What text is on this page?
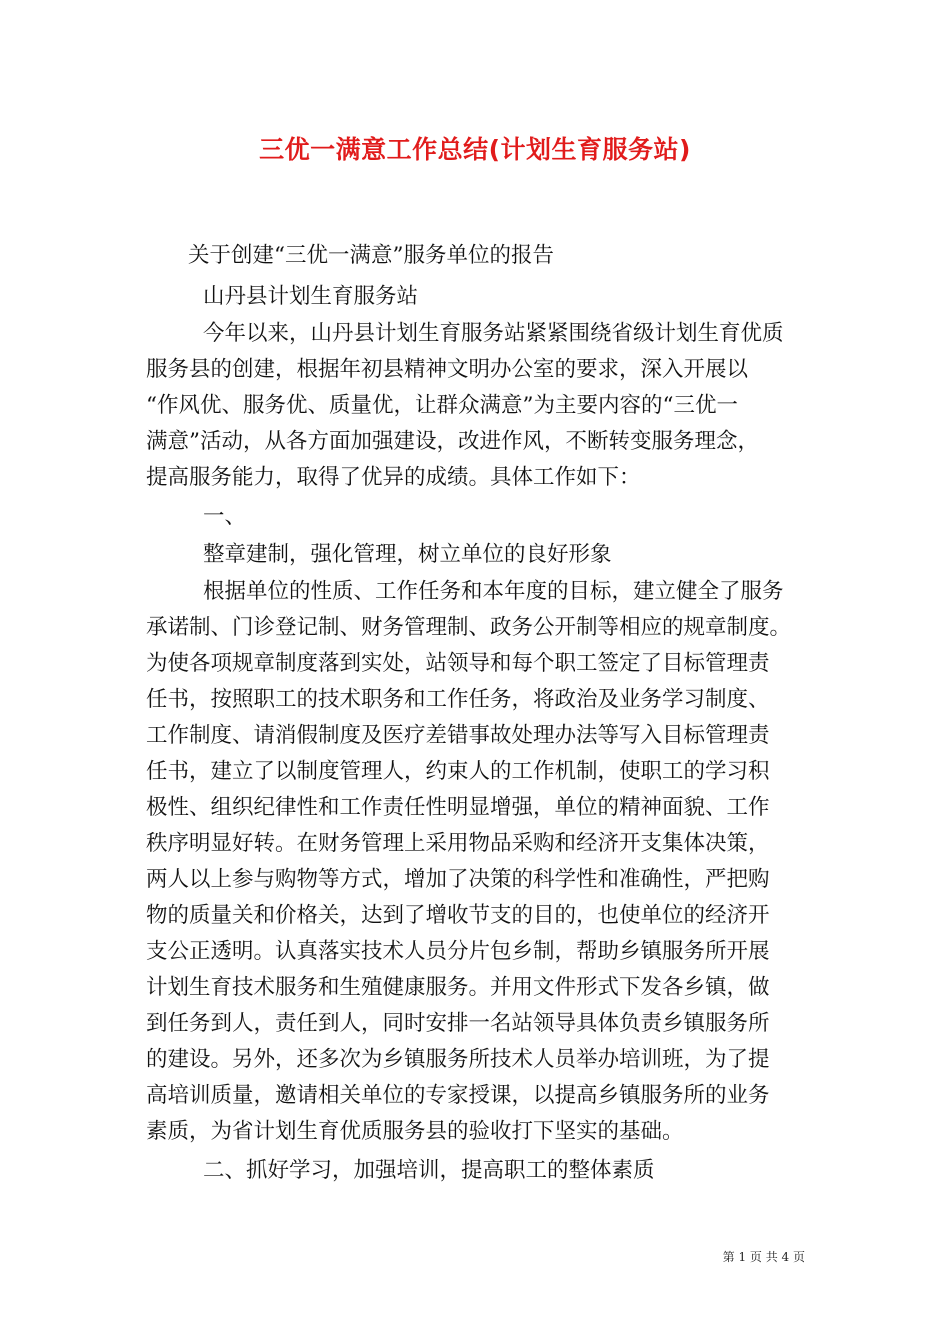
三优一满意工作总结(计划生育服务站)
关于创建“三优一满意”服务单位的报告
山丹县计划生育服务站
今年以来，山丹县计划生育服务站紧紧围绕省级计划生育优质
服务县的创建，根据年初县精神文明办公室的要求，深入开展以
“作风优、服务优、质量优，让群众满意”为主要内容的“三优一
满意”活动，从各方面加强建设，改进作风，不断转变服务理念，
提高服务能力，取得了优异的成绩。具体工作如下：
一、
整章建制，强化管理，树立单位的良好形象
根据单位的性质、工作任务和本年度的目标，建立健全了服务
承诺制、门诊登记制、财务管理制、政务公开制等相应的规章制度。
为使各项规章制度落到实处，站领导和每个职工签定了目标管理责
任书，按照职工的技术职务和工作任务，将政治及业务学习制度、
工作制度、请消假制度及医疗差错事故处理办法等写入目标管理责
任书，建立了以制度管理人，约束人的工作机制，使职工的学习积
极性、组织纪律性和工作责任性明显增强，单位的精神面貌、工作
秩序明显好转。在财务管理上采用物品采购和经济开支集体决策，
两人以上参与购物等方式，增加了决策的科学性和准确性，严把购
物的质量关和价格关，达到了增收节支的目的，也使单位的经济开
支公正透明。认真落实技术人员分片包乡制，帮助乡镇服务所开展
计划生育技术服务和生殖健康服务。并用文件形式下发各乡镇，做
到任务到人，责任到人，同时安排一名站领导具体负责乡镇服务所
的建设。另外，还多次为乡镇服务所技术人员举办培训班，为了提
高培训质量，邀请相关单位的专家授课，以提高乡镇服务所的业务
素质，为省计划生育优质服务县的验收打下坚实的基础。
二、抓好学习，加强培训，提高职工的整体素质
第 1 页 共 4 页
